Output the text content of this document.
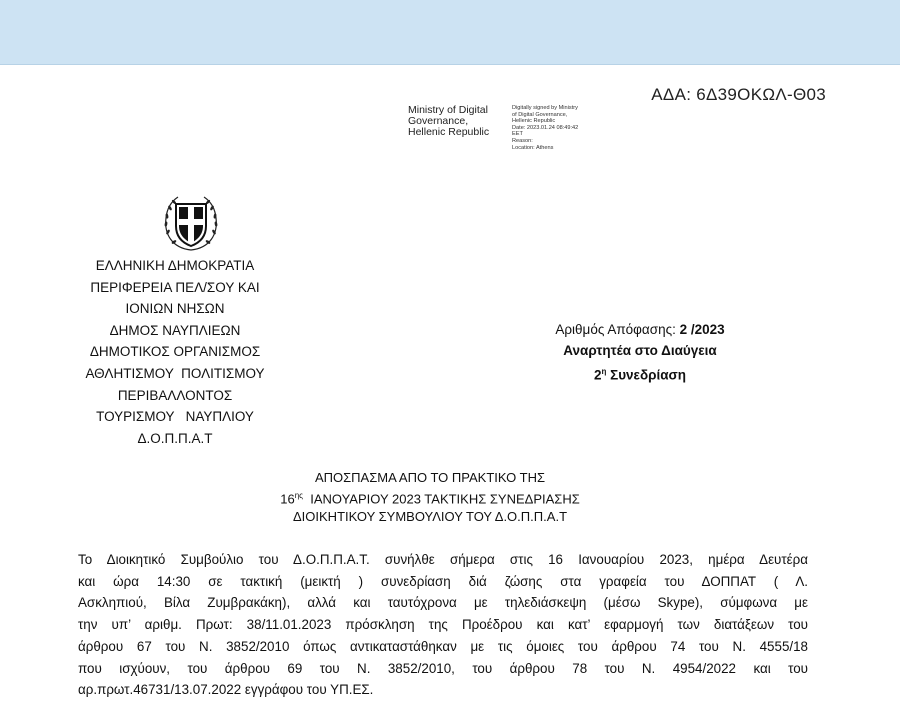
ΑΔΑ: 6Δ39ΟΚΩΛ-Θ03
Ministry of Digital
Governance,
Hellenic Republic
Digitally signed by Ministry
of Digital Governance,
Hellenic Republic
Date: 2023.01.24 08:49:42
EET
Reason:
Location: Athens
ΕΛΛΗΝΙΚΗ ΔΗΜΟΚΡΑΤΙΑ
ΠΕΡΙΦΕΡΕΙΑ ΠΕΛ/ΣΟΥ ΚΑΙ
ΙΟΝΙΩΝ ΝΗΣΩΝ
ΔΗΜΟΣ ΝΑΥΠΛΙΕΩΝ
ΔΗΜΟΤΙΚΟΣ ΟΡΓΑΝΙΣΜΟΣ
ΑΘΛΗΤΙΣΜΟΥ  ΠΟΛΙΤΙΣΜΟΥ
ΠΕΡΙΒΑΛΛΟΝΤΟΣ
ΤΟΥΡΙΣΜΟΥ   ΝΑΥΠΛΙΟΥ
Δ.Ο.Π.Π.Α.Τ
Αριθμός Απόφασης: 2 /2023
Αναρτητέα στο Διαύγεια
$2^\eta$ Συνεδρίαση
ΑΠΟΣΠΑΣΜΑ ΑΠΟ ΤΟ ΠΡΑΚΤΙΚΟ ΤΗΣ
$16^{\eta\varsigma}$  ΙΑΝΟΥΑΡΙΟΥ 2023 ΤΑΚΤΙΚΗΣ ΣΥΝΕΔΡΙΑΣΗΣ
ΔΙΟΙΚΗΤΙΚΟΥ ΣΥΜΒΟΥΛΙΟΥ ΤΟΥ Δ.Ο.Π.Π.Α.Τ

Το Διοικητικό Συμβούλιο του Δ.Ο.Π.Π.Α.Τ. συνήλθε σήμερα στις 16 Ιανουαρίου 2023, ημέρα Δευτέρα

και ώρα 14:30 σε τακτική (μεικτή ) συνεδρίαση διά ζώσης στα γραφεία του ΔΟΠΠΑΤ ( Λ.

Ασκληπιού, Βίλα Ζυμβρακάκη), αλλά και ταυτόχρονα με τηλεδιάσκεψη (μέσω Skype), σύμφωνα με

την υπ’ αριθμ. Πρωτ: 38/11.01.2023 πρόσκληση της Προέδρου και κατ’ εφαρμογή των διατάξεων του

άρθρου 67 του Ν. 3852/2010 όπως αντικαταστάθηκαν με τις όμοιες του άρθρου 74 του Ν. 4555/18

που ισχύουν, του άρθρου 69 του Ν. 3852/2010, του άρθρου 78 του Ν. 4954/2022 και του

αρ.πρωτ.46731/13.07.2022 εγγράφου του ΥΠ.ΕΣ.
